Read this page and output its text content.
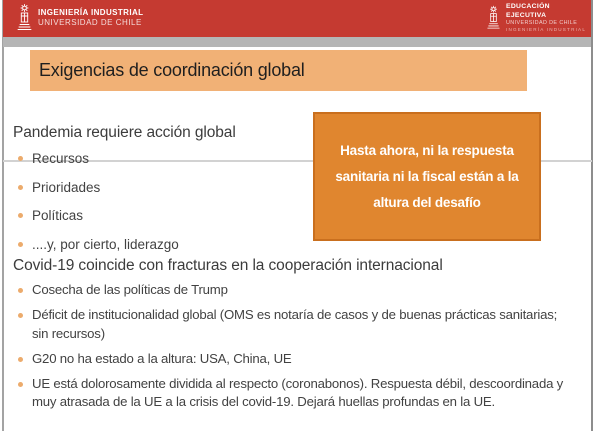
INGENIERÍA INDUSTRIAL
UNIVERSIDAD DE CHILE
EDUCACIÓN EJECUTIVA
UNIVERSIDAD DE CHILE
INGENIERÍA INDUSTRIAL
Exigencias de coordinación global
Pandemia requiere acción global
Recursos
Prioridades
Políticas
....y, por cierto, liderazgo
Hasta ahora, ni la respuesta sanitaria ni la fiscal están a la altura del desafío
Covid-19 coincide con fracturas en la cooperación internacional
Cosecha de las políticas de Trump
Déficit de institucionalidad global (OMS es notaría de casos y de buenas prácticas sanitarias; sin recursos)
G20 no ha estado a la altura: USA, China, UE
UE está dolorosamente dividida al respecto (coronabonos). Respuesta débil, descoordinada y muy atrasada de la UE a la crisis del covid-19. Dejará huellas profundas en la UE.
